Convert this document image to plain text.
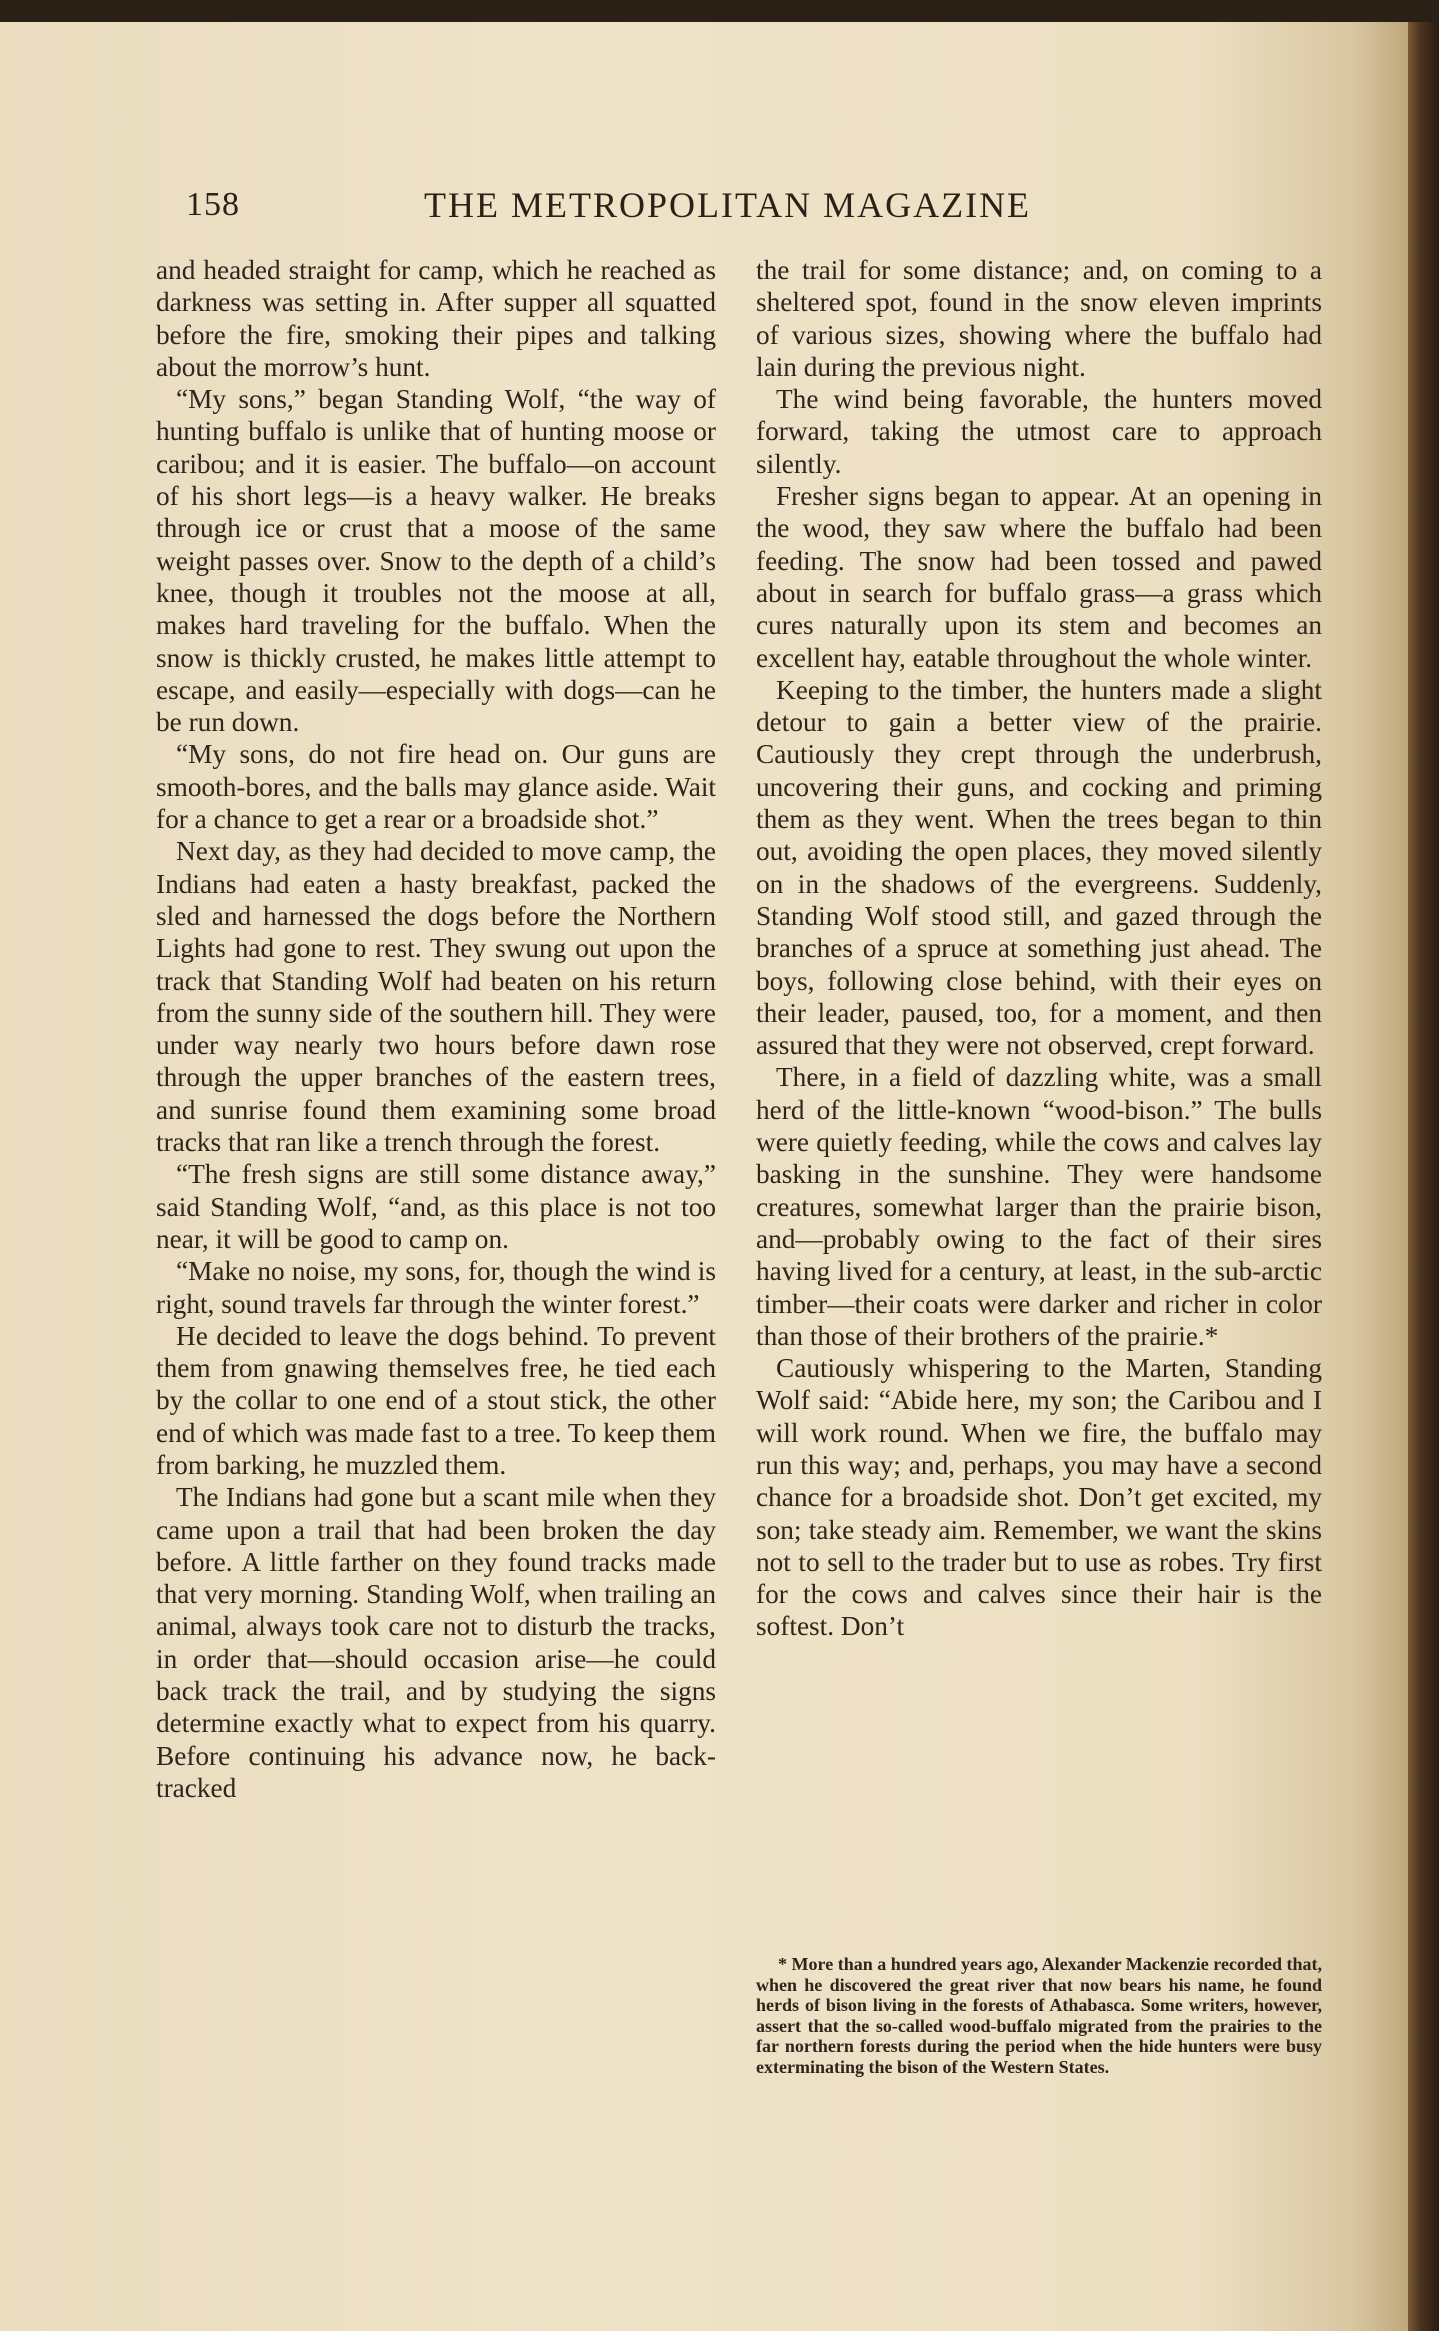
158	THE METROPOLITAN MAGAZINE

and headed straight for camp, which he reached as darkness was setting in. After supper all squatted before the fire, smoking their pipes and talking about the morrow’s hunt.

“My sons,” began Standing Wolf, “the way of hunting buffalo is unlike that of hunting moose or caribou; and it is easier. The buffalo—on account of his short legs—is a heavy walker. He breaks through ice or crust that a moose of the same weight passes over. Snow to the depth of a child’s knee, though it troubles not the moose at all, makes hard traveling for the buffalo. When the snow is thickly crusted, he makes little attempt to escape, and easily—especially with dogs—can he be run down.

“My sons, do not fire head on. Our guns are smooth-bores, and the balls may glance aside. Wait for a chance to get a rear or a broadside shot.”

Next day, as they had decided to move camp, the Indians had eaten a hasty breakfast, packed the sled and harnessed the dogs before the Northern Lights had gone to rest. They swung out upon the track that Standing Wolf had beaten on his return from the sunny side of the southern hill. They were under way nearly two hours before dawn rose through the upper branches of the eastern trees, and sunrise found them examining some broad tracks that ran like a trench through the forest.

“The fresh signs are still some distance away,” said Standing Wolf, “and, as this place is not too near, it will be good to camp on.

“Make no noise, my sons, for, though the wind is right, sound travels far through the winter forest.”

He decided to leave the dogs behind. To prevent them from gnawing themselves free, he tied each by the collar to one end of a stout stick, the other end of which was made fast to a tree. To keep them from barking, he muzzled them.

The Indians had gone but a scant mile when they came upon a trail that had been broken the day before. A little farther on they found tracks made that very morning. Standing Wolf, when trailing an animal, always took care not to disturb the tracks, in order that—should occasion arise—he could back track the trail, and by studying the signs determine exactly what to expect from his quarry. Before continuing his advance now, he back-tracked

the trail for some distance; and, on coming to a sheltered spot, found in the snow eleven imprints of various sizes, showing where the buffalo had lain during the previous night.

The wind being favorable, the hunters moved forward, taking the utmost care to approach silently.

Fresher signs began to appear. At an opening in the wood, they saw where the buffalo had been feeding. The snow had been tossed and pawed about in search for buffalo grass—a grass which cures naturally upon its stem and becomes an excellent hay, eatable throughout the whole winter.

Keeping to the timber, the hunters made a slight detour to gain a better view of the prairie. Cautiously they crept through the underbrush, uncovering their guns, and cocking and priming them as they went. When the trees began to thin out, avoiding the open places, they moved silently on in the shadows of the evergreens. Suddenly, Standing Wolf stood still, and gazed through the branches of a spruce at something just ahead. The boys, following close behind, with their eyes on their leader, paused, too, for a moment, and then assured that they were not observed, crept forward.

There, in a field of dazzling white, was a small herd of the little-known “wood-bison.” The bulls were quietly feeding, while the cows and calves lay basking in the sunshine. They were handsome creatures, somewhat larger than the prairie bison, and—probably owing to the fact of their sires having lived for a century, at least, in the sub-arctic timber—their coats were darker and richer in color than those of their brothers of the prairie.*

Cautiously whispering to the Marten, Standing Wolf said: “Abide here, my son; the Caribou and I will work round. When we fire, the buffalo may run this way; and, perhaps, you may have a second chance for a broadside shot. Don’t get excited, my son; take steady aim. Remember, we want the skins not to sell to the trader but to use as robes. Try first for the cows and calves since their hair is the softest. Don’t

* More than a hundred years ago, Alexander Mackenzie recorded that, when he discovered the great river that now bears his name, he found herds of bison living in the forests of Athabasca. Some writers, however, assert that the so-called wood-buffalo migrated from the prairies to the far northern forests during the period when the hide hunters were busy exterminating the bison of the Western States.
